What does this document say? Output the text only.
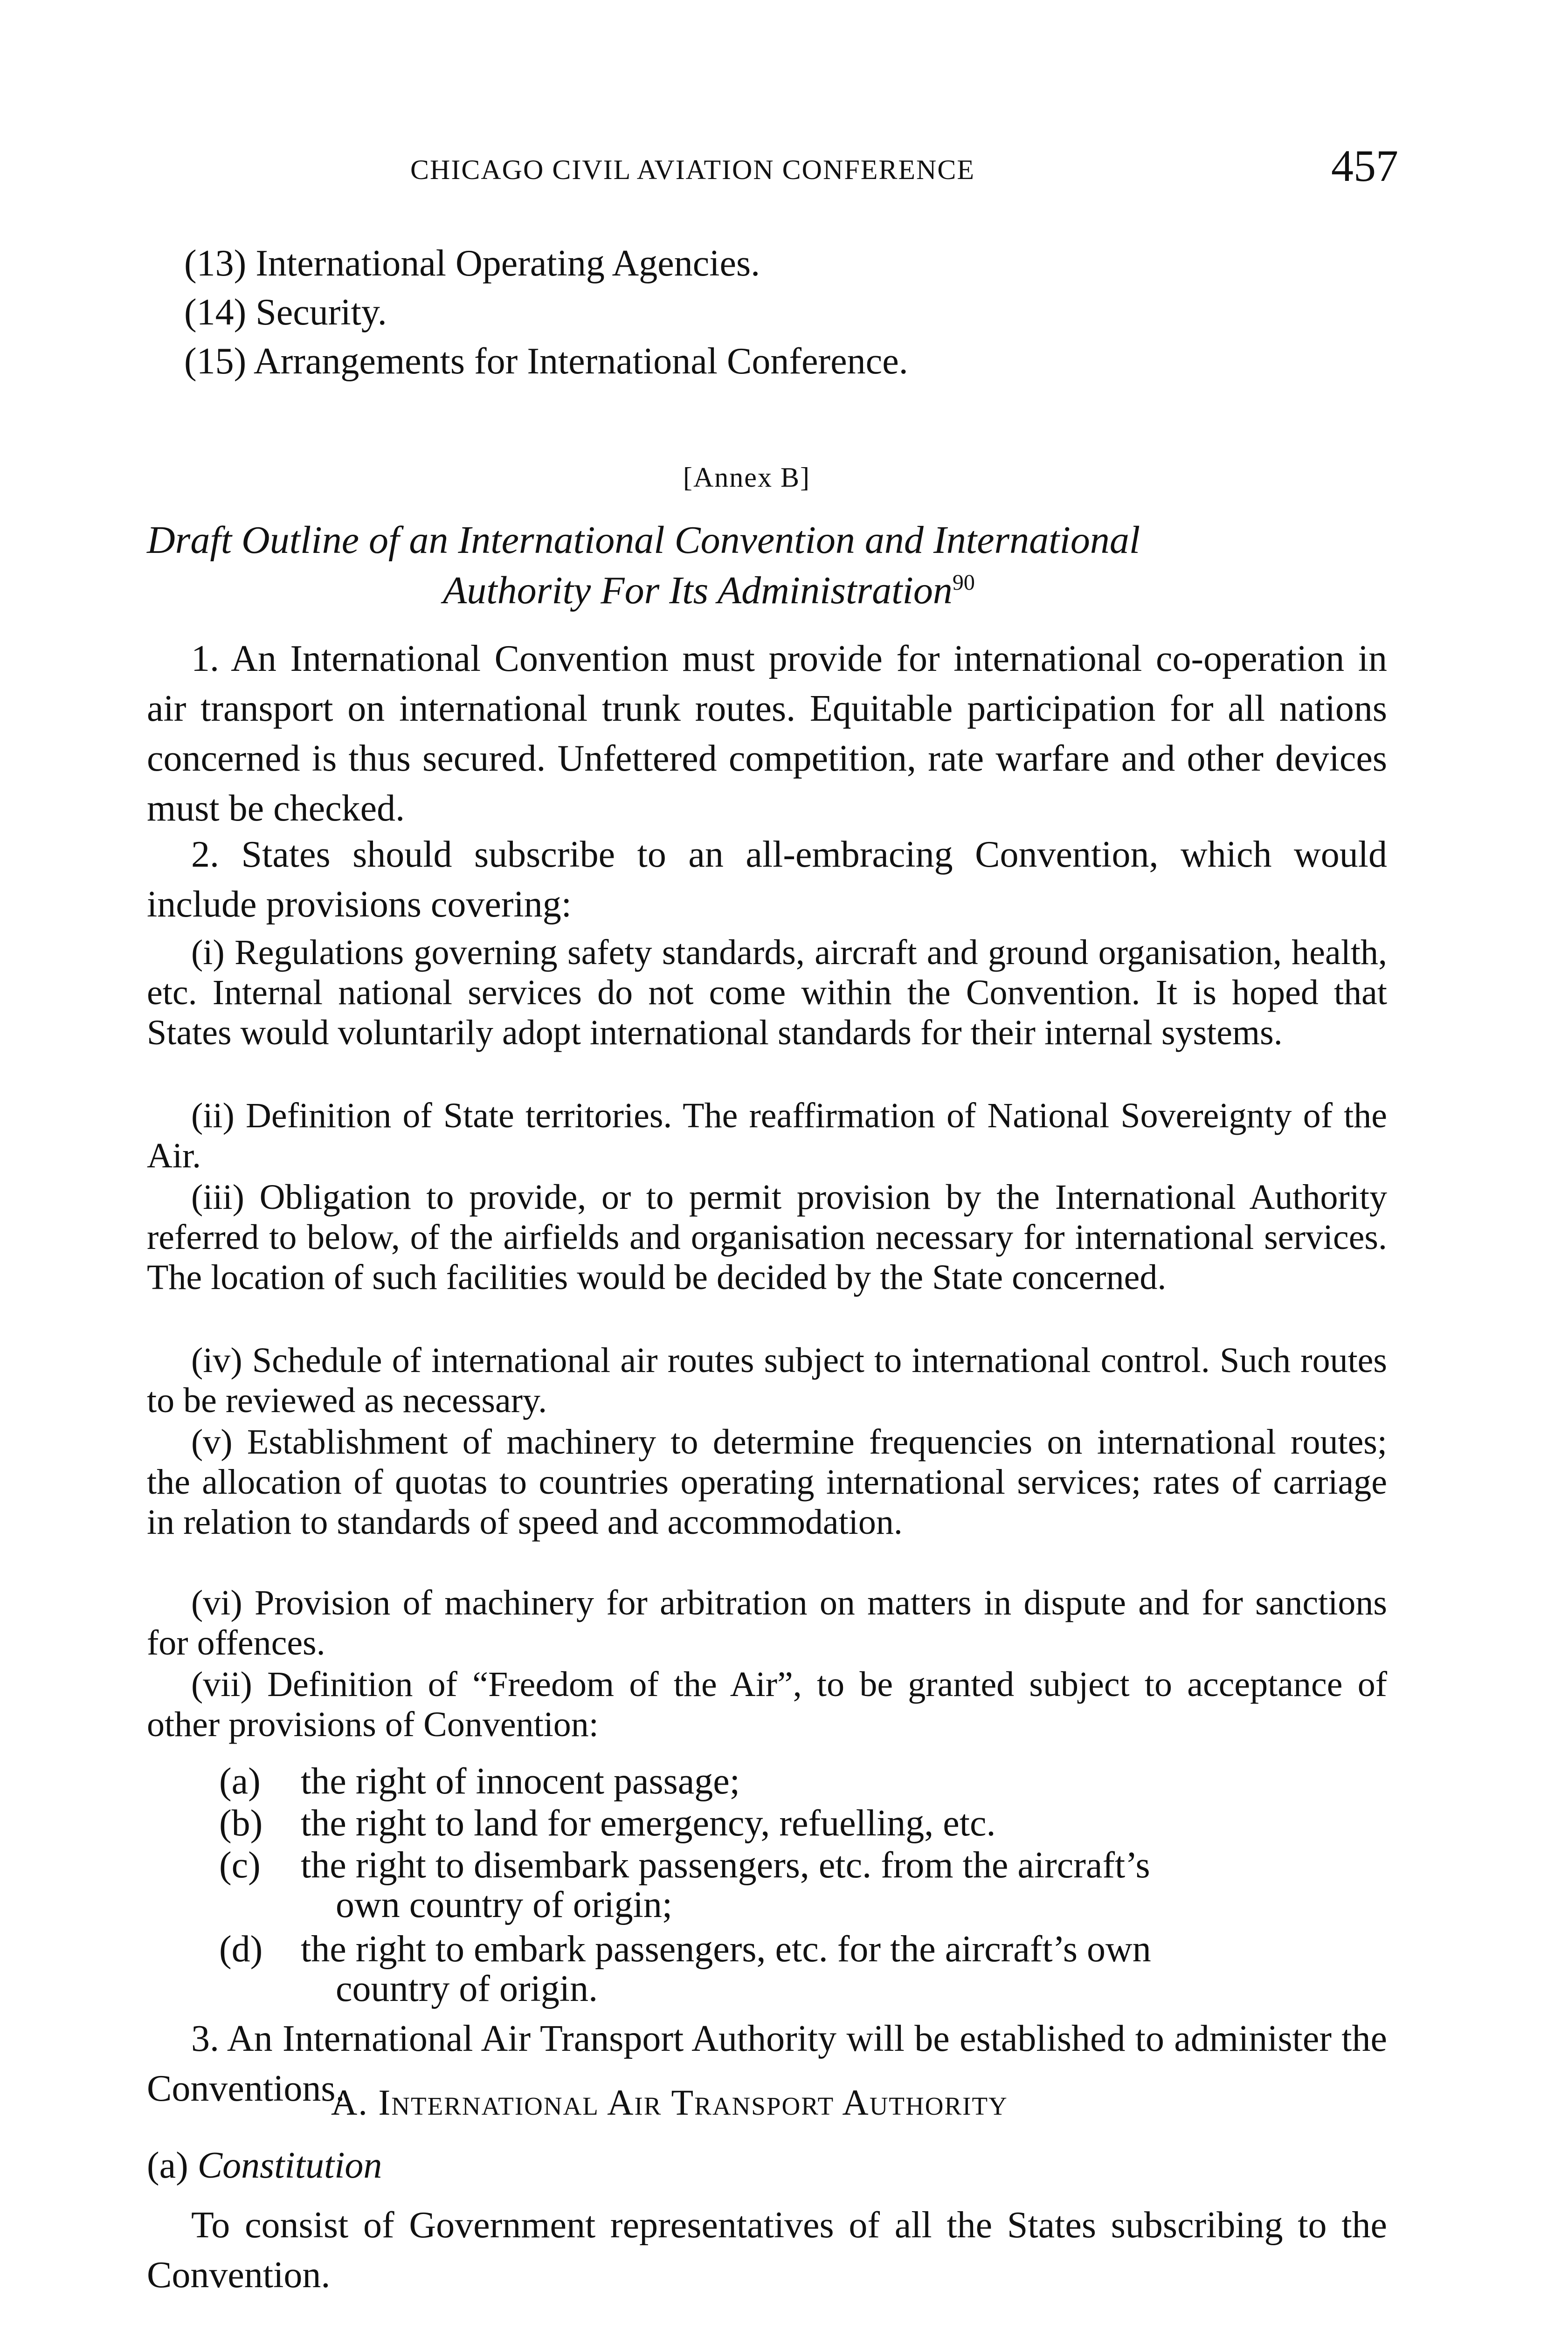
CHICAGO CIVIL AVIATION CONFERENCE	457
(13) International Operating Agencies.
(14) Security.
(15) Arrangements for International Conference.
[Annex B]
Draft Outline of an International Convention and International
Authority For Its Administration$^{90}$
1. An International Convention must provide for international co-operation in air transport on international trunk routes. Equitable participation for all nations concerned is thus secured. Unfettered competition, rate warfare and other devices must be checked.
2. States should subscribe to an all-embracing Convention, which would include provisions covering:
(i) Regulations governing safety standards, aircraft and ground organisation, health, etc. Internal national services do not come within the Convention. It is hoped that States would voluntarily adopt international standards for their internal systems.
(ii) Definition of State territories. The reaffirmation of National Sovereignty of the Air.
(iii) Obligation to provide, or to permit provision by the International Authority referred to below, of the airfields and organisation necessary for international services. The location of such facilities would be decided by the State concerned.
(iv) Schedule of international air routes subject to international control. Such routes to be reviewed as necessary.
(v) Establishment of machinery to determine frequencies on international routes; the allocation of quotas to countries operating international services; rates of carriage in relation to standards of speed and accommodation.
(vi) Provision of machinery for arbitration on matters in dispute and for sanctions for offences.
(vii) Definition of “Freedom of the Air”, to be granted subject to acceptance of other provisions of Convention:
(a) the right of innocent passage;
(b) the right to land for emergency, refuelling, etc.
(c) the right to disembark passengers, etc. from the aircraft’s
own country of origin;
(d) the right to embark passengers, etc. for the aircraft’s own
country of origin.
3. An International Air Transport Authority will be established to administer the Conventions.
A. International Air Transport Authority
(a) Constitution
To consist of Government representatives of all the States subscribing to the Convention.
